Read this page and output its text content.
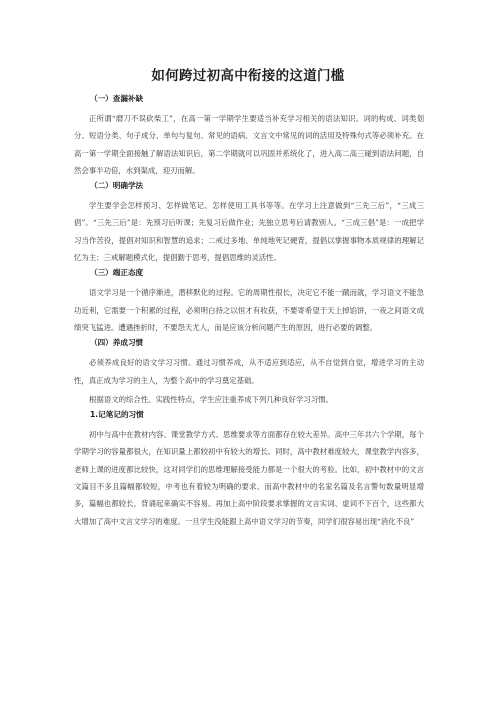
如何跨过初高中衔接的这道门槛
（一）查漏补缺

正所谓“磨刀不误砍柴工”，在高一第一学期学生要适当补充学习相关的语法知识。词的构成、词类划分、短语分类、句子成分、单句与复句、常见的语病、文言文中常见的词的活用及特殊句式等必须补充。在高一第一学期全面接触了解语法知识后，第二学期就可以巩固并系统化了，进入高二高三碰到语法问题，自然会事半功倍，水到渠成，迎刃而解。

（二）明确学法

学生要学会怎样预习、怎样做笔记、怎样使用工具书等等。在学习上注意做到“三先三后”，“三成三倡”。“三先三后”是：先预习后听课；先复习后做作业；先独立思考后请教别人。“三成三倡”是：一成把学习当作苦役，提倡对知识和智慧的追求；二戒过多地、单纯地死记硬背，提倡以掌握事物本质规律的理解记忆为主；三戒解题模式化，提倡勤于思考，提倡思维的灵活性。

（三）端正态度

语文学习是一个循序渐进，潜移默化的过程。它的周期性很长，决定它不能一蹴而就，学习语文不能急功近利，它需要一个积累的过程，必须明白持之以恒才有收获，不要寄希望于天上掉馅饼，一夜之间语文成绩突飞猛进。遭遇挫折时，不要怨天尤人，而是应该分析问题产生的原因，进行必要的调整。

（四）养成习惯

必须养成良好的语文学习习惯。通过习惯养成，从不适应到适应，从不自觉到自觉，增进学习的主动性，真正成为学习的主人，为整个高中的学习奠定基础。

根据语文的综合性、实践性特点，学生应注重养成下列几种良好学习习惯。

1.记笔记的习惯

初中与高中在教材内容、课堂教学方式、思维要求等方面都存在较大差异。高中三年共六个学期，每个学期学习的容量都很大，在知识量上都较初中有较大的增长。同时，高中教材难度较大，课堂教学内容多，老师上课的进度都比较快，这对同学们的思维理解接受能力都是一个很大的考验。比如，初中教材中的文言文篇目不多且篇幅都较短，中考也有着较为明确的要求。而高中教材中的名家名篇及名言警句数量明显增多，篇幅也都较长，背诵起来确实不容易。再加上高中阶段要求掌握的文言实词、虚词不下百个，这些都大大增加了高中文言文学习的难度。一旦学生没能跟上高中语文学习的节奏，同学们很容易出现“消化不良”
